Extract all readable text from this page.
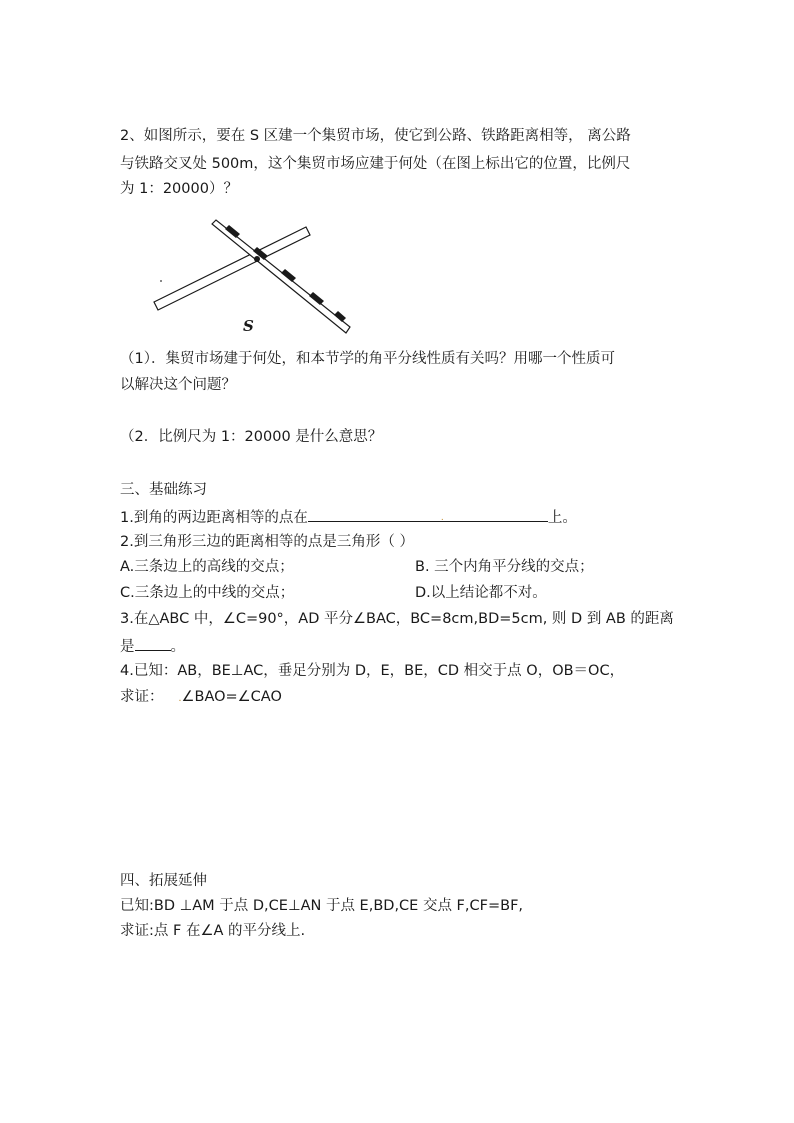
2、如图所示，要在 S 区建一个集贸市场，使它到公路、铁路距离相等， 离公路
与铁路交叉处 500m，这个集贸市场应建于何处（在图上标出它的位置，比例尺
为 1：20000）？
S
（1）．集贸市场建于何处，和本节学的角平分线性质有关吗？用哪一个性质可
以解决这个问题？
（2．比例尺为 1：20000 是什么意思？
三、基础练习
1.到角的两边距离相等的点在	.	上。
2.到三角形三边的距离相等的点是三角形（ ）
A.三条边上的高线的交点；	B. 三个内角平分线的交点；
C.三条边上的中线的交点；	D.以上结论都不对。
3.在△ABC 中，∠C=90°，AD 平分∠BAC，BC=8cm,BD=5cm, 则 D 到 AB 的距离
是 。
4.已知：AB，BE⊥AC，垂足分别为 D，E，BE，CD 相交于点 O，OB＝OC，
求证： .∠BAO=∠CAO
四、拓展延伸
已知:BD ⊥AM 于点 D,CE⊥AN 于点 E,BD,CE 交点 F,CF=BF,
求证:点 F 在∠A 的平分线上.
